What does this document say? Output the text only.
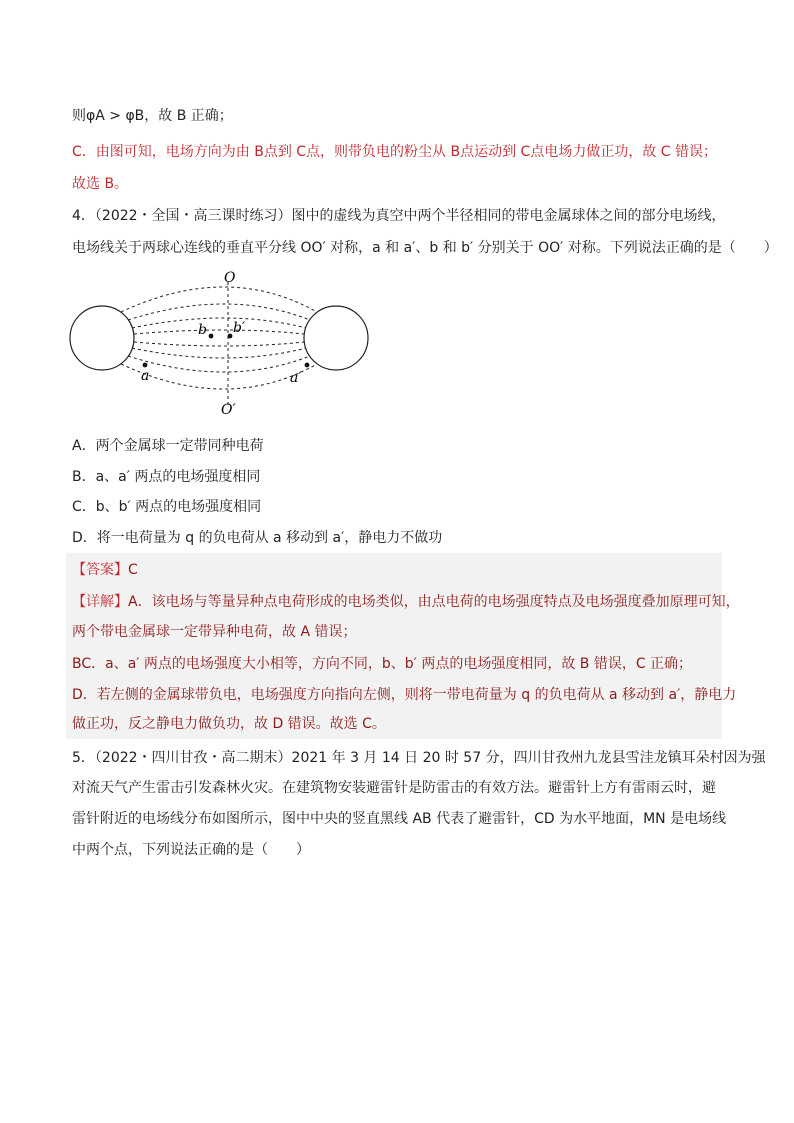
则φA > φB，故 B 正确；
C．由图可知，电场方向为由 B点到 C点，则带负电的粉尘从 B点运动到 C点电场力做正功，故 C 错误；
故选 B。
4．（2022・全国・高三课时练习）图中的虚线为真空中两个半径相同的带电金属球体之间的部分电场线，
电场线关于两球心连线的垂直平分线 OO′ 对称，a 和 a′、b 和 b′ 分别关于 OO′ 对称。下列说法正确的是（　　）
O
O′
b b′
a	a′
A．两个金属球一定带同种电荷
B．a、a′ 两点的电场强度相同
C．b、b′ 两点的电场强度相同
D．将一电荷量为 q 的负电荷从 a 移动到 a′，静电力不做功
【答案】C
【详解】A．该电场与等量异种点电荷形成的电场类似，由点电荷的电场强度特点及电场强度叠加原理可知，
两个带电金属球一定带异种电荷，故 A 错误；
BC．a、a′ 两点的电场强度大小相等，方向不同，b、b′ 两点的电场强度相同，故 B 错误，C 正确；
D．若左侧的金属球带负电，电场强度方向指向左侧，则将一带电荷量为 q 的负电荷从 a 移动到 a′，静电力
做正功，反之静电力做负功，故 D 错误。故选 C。
5．（2022・四川甘孜・高二期末）2021 年 3 月 14 日 20 时 57 分，四川甘孜州九龙县雪洼龙镇耳朵村因为强
对流天气产生雷击引发森林火灾。在建筑物安装避雷针是防雷击的有效方法。避雷针上方有雷雨云时，避
雷针附近的电场线分布如图所示，图中中央的竖直黑线 AB 代表了避雷针，CD 为水平地面，MN 是电场线
中两个点，下列说法正确的是（　　）
